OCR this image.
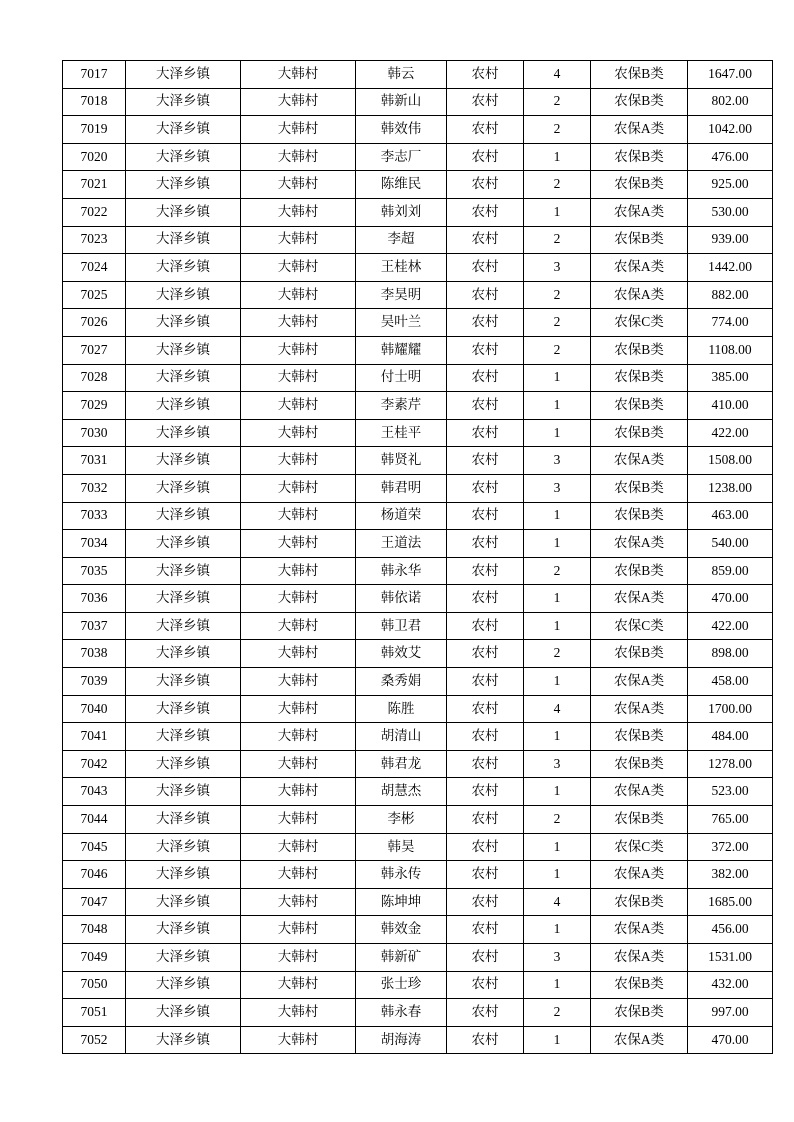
7017	大泽乡镇	大韩村	韩云	农村	4	农保B类	1647.00
7018	大泽乡镇	大韩村	韩新山	农村	2	农保B类	802.00
7019	大泽乡镇	大韩村	韩效伟	农村	2	农保A类	1042.00
7020	大泽乡镇	大韩村	李志厂	农村	1	农保B类	476.00
7021	大泽乡镇	大韩村	陈维民	农村	2	农保B类	925.00
7022	大泽乡镇	大韩村	韩刘刘	农村	1	农保A类	530.00
7023	大泽乡镇	大韩村	李超	农村	2	农保B类	939.00
7024	大泽乡镇	大韩村	王桂林	农村	3	农保A类	1442.00
7025	大泽乡镇	大韩村	李昊明	农村	2	农保A类	882.00
7026	大泽乡镇	大韩村	吴叶兰	农村	2	农保C类	774.00
7027	大泽乡镇	大韩村	韩耀耀	农村	2	农保B类	1108.00
7028	大泽乡镇	大韩村	付士明	农村	1	农保B类	385.00
7029	大泽乡镇	大韩村	李素芹	农村	1	农保B类	410.00
7030	大泽乡镇	大韩村	王桂平	农村	1	农保B类	422.00
7031	大泽乡镇	大韩村	韩贤礼	农村	3	农保A类	1508.00
7032	大泽乡镇	大韩村	韩君明	农村	3	农保B类	1238.00
7033	大泽乡镇	大韩村	杨道荣	农村	1	农保B类	463.00
7034	大泽乡镇	大韩村	王道法	农村	1	农保A类	540.00
7035	大泽乡镇	大韩村	韩永华	农村	2	农保B类	859.00
7036	大泽乡镇	大韩村	韩依诺	农村	1	农保A类	470.00
7037	大泽乡镇	大韩村	韩卫君	农村	1	农保C类	422.00
7038	大泽乡镇	大韩村	韩效艾	农村	2	农保B类	898.00
7039	大泽乡镇	大韩村	桑秀娟	农村	1	农保A类	458.00
7040	大泽乡镇	大韩村	陈胜	农村	4	农保A类	1700.00
7041	大泽乡镇	大韩村	胡清山	农村	1	农保B类	484.00
7042	大泽乡镇	大韩村	韩君龙	农村	3	农保B类	1278.00
7043	大泽乡镇	大韩村	胡慧杰	农村	1	农保A类	523.00
7044	大泽乡镇	大韩村	李彬	农村	2	农保B类	765.00
7045	大泽乡镇	大韩村	韩昊	农村	1	农保C类	372.00
7046	大泽乡镇	大韩村	韩永传	农村	1	农保A类	382.00
7047	大泽乡镇	大韩村	陈坤坤	农村	4	农保B类	1685.00
7048	大泽乡镇	大韩村	韩效金	农村	1	农保A类	456.00
7049	大泽乡镇	大韩村	韩新矿	农村	3	农保A类	1531.00
7050	大泽乡镇	大韩村	张士珍	农村	1	农保B类	432.00
7051	大泽乡镇	大韩村	韩永春	农村	2	农保B类	997.00
7052	大泽乡镇	大韩村	胡海涛	农村	1	农保A类	470.00
